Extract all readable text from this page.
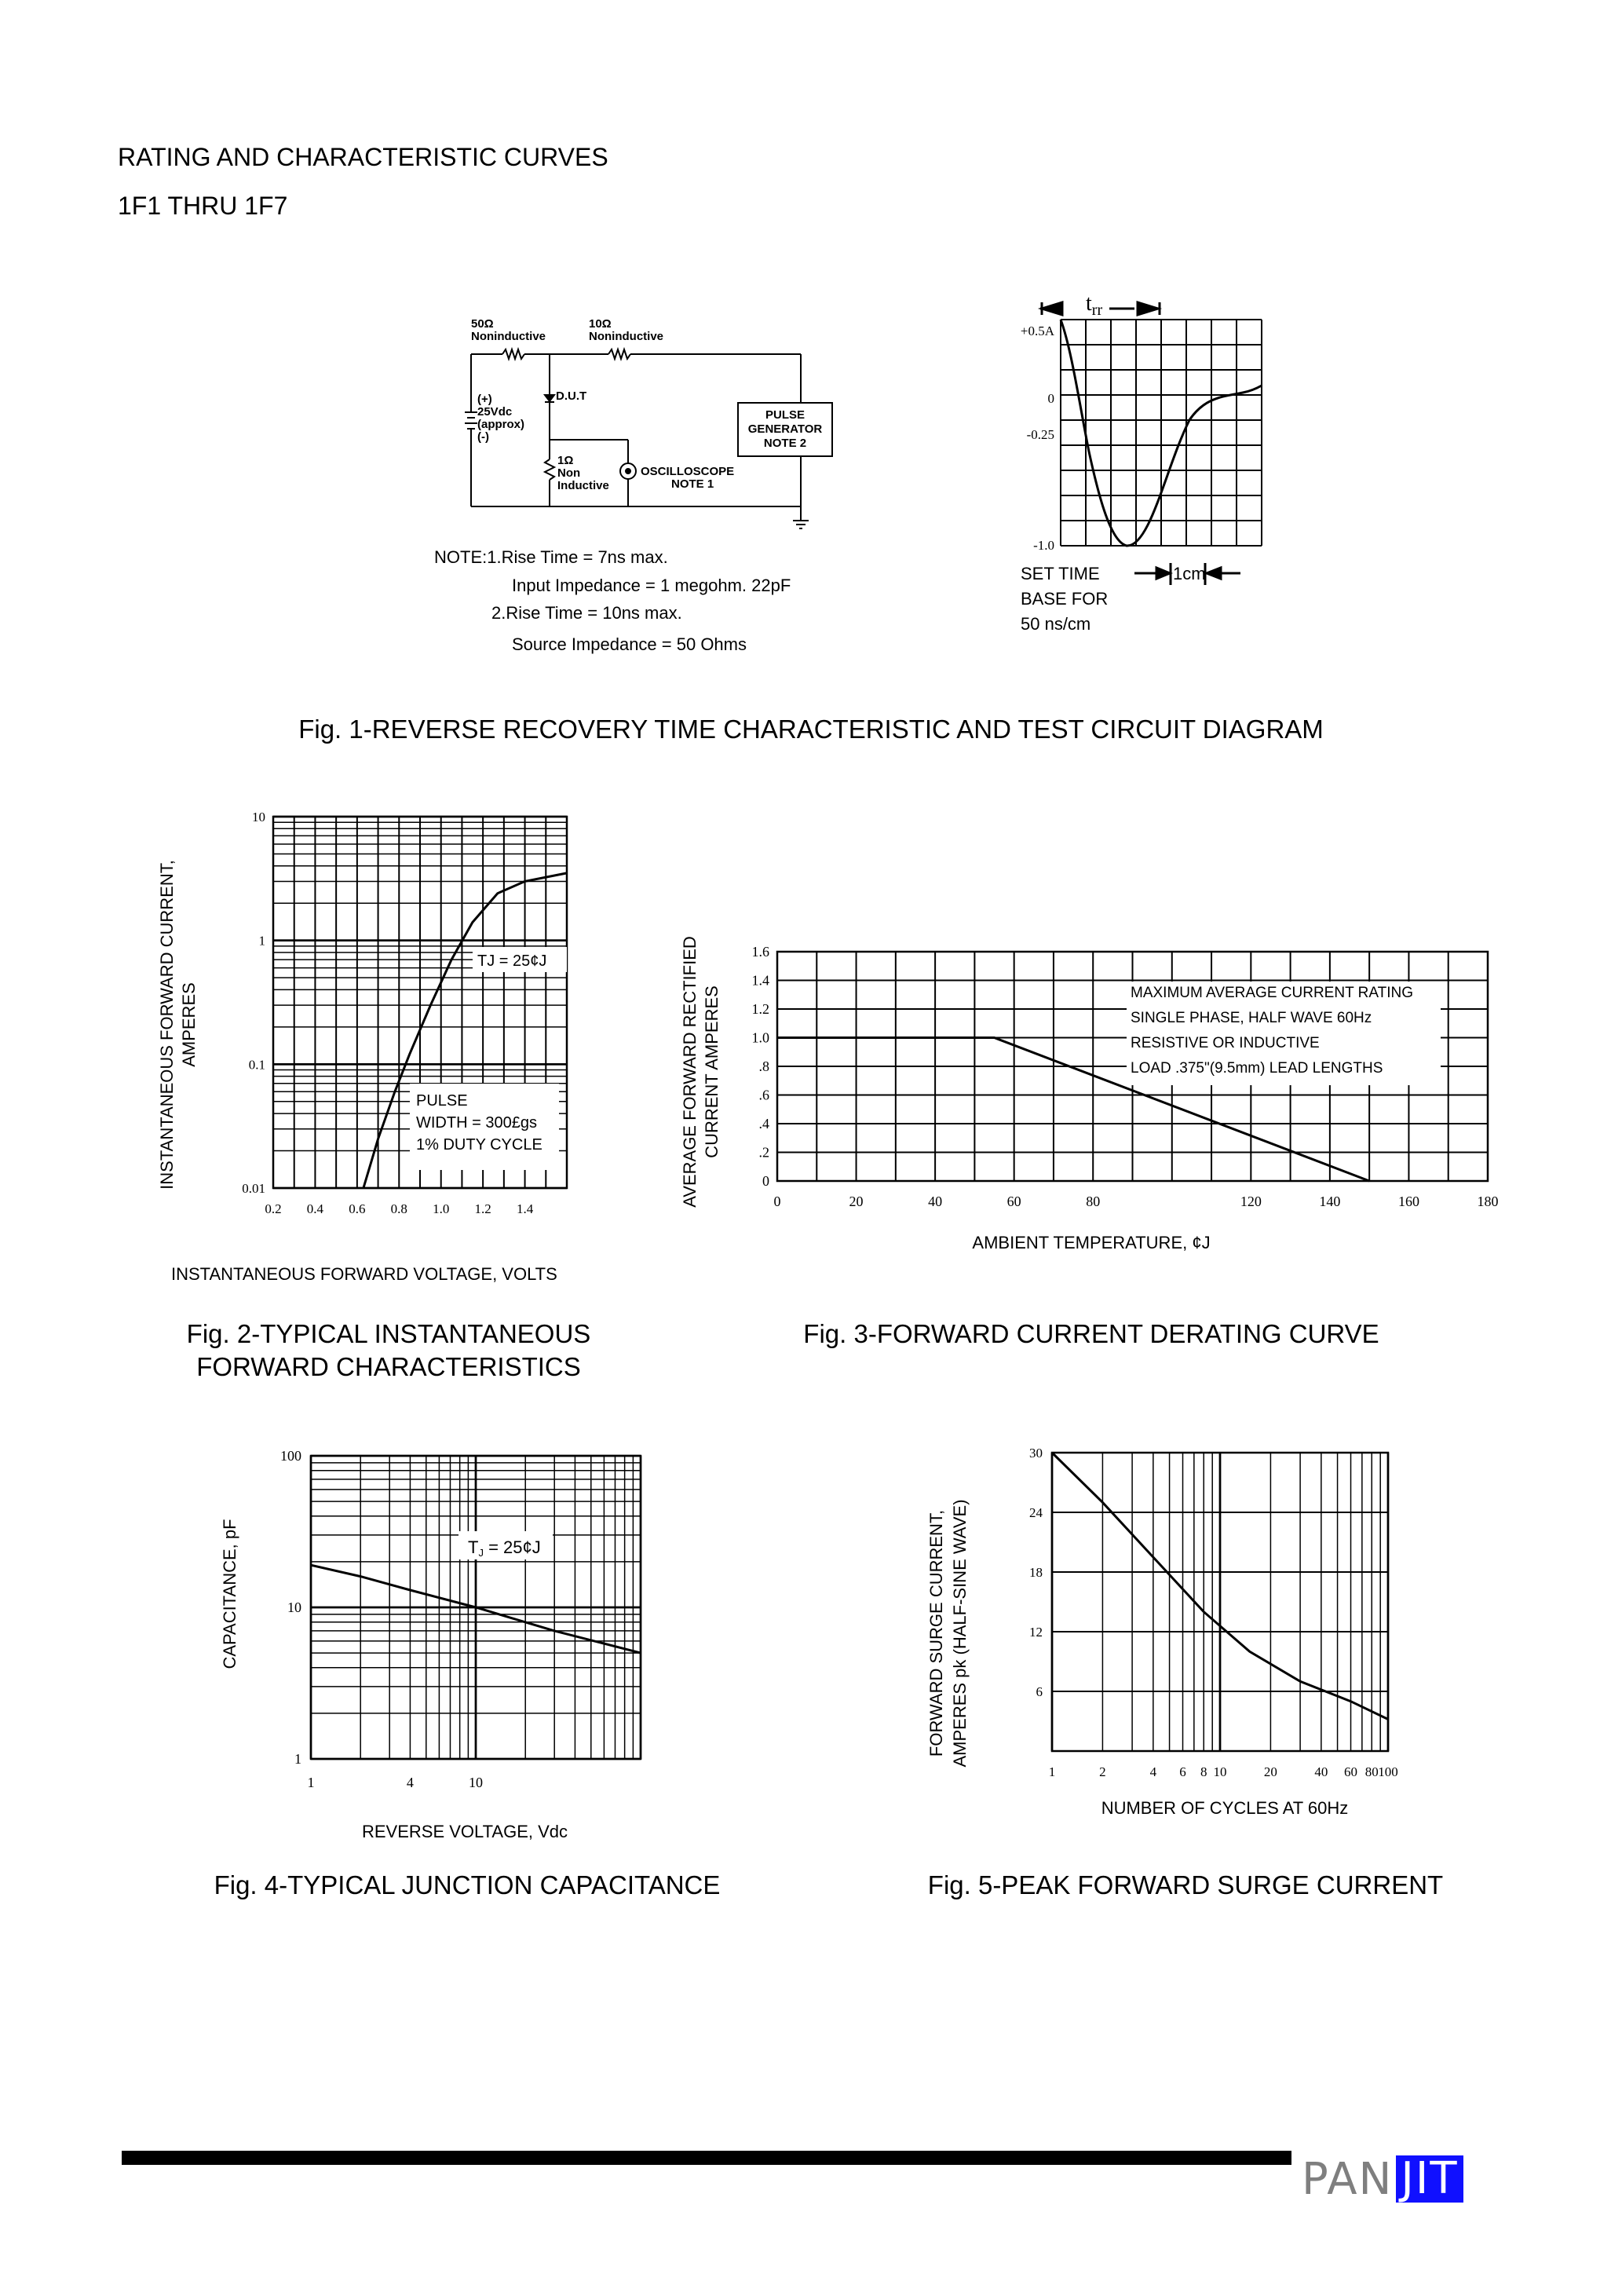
RATING AND CHARACTERISTIC CURVES
1F1 THRU 1F7
50Ω
Noninductive
10Ω
Noninductive
D.U.T
(+)
25Vdc
(approx)
(-)
1Ω
Non
Inductive
PULSE
GENERATOR
NOTE 2
OSCILLOSCOPE
NOTE 1
NOTE:1.Rise Time = 7ns max.
Input Impedance = 1 megohm. 22pF
2.Rise Time = 10ns max.
Source Impedance = 50 Ohms
$t_{rr}$
+0.5A
0
-0.25
-1.0
SET TIME
BASE FOR
50 ns/cm
1cm
Fig. 1-REVERSE RECOVERY TIME CHARACTERISTIC AND TEST CIRCUIT DIAGRAM
0.2 0.4 0.6 0.8 1.0 1.2 1.4
0.01
0.1
1
10
TJ = 25¢J
PULSE
WIDTH = 300£gs
1% DUTY CYCLE
INSTANTANEOUS FORWARD CURRENT, AMPERES
INSTANTANEOUS FORWARD VOLTAGE, VOLTS
Fig. 2-TYPICAL INSTANTANEOUS
FORWARD CHARACTERISTICS
0	20	40	60	80	120	140	160	180
0
.2
.4
.6
.8
1.0
1.2
1.4
1.6
MAXIMUM AVERAGE CURRENT RATING
SINGLE PHASE, HALF WAVE 60Hz
RESISTIVE OR INDUCTIVE
LOAD .375"(9.5mm) LEAD LENGTHS
AVERAGE FORWARD RECTIFIED CURRENT AMPERES
AMBIENT TEMPERATURE, ¢J
Fig. 3-FORWARD CURRENT DERATING CURVE
1	4	10
1
10
100
TJ = 25¢J
CAPACITANCE, pF
REVERSE VOLTAGE, Vdc
Fig. 4-TYPICAL JUNCTION CAPACITANCE
1	2	4 6 8 10	20	40 60 80 100
6
12
18
24
30
FORWARD SURGE CURRENT, AMPERES pk (HALF-SINE WAVE)
NUMBER OF CYCLES AT 60Hz
Fig. 5-PEAK FORWARD SURGE CURRENT
PAN JIT
